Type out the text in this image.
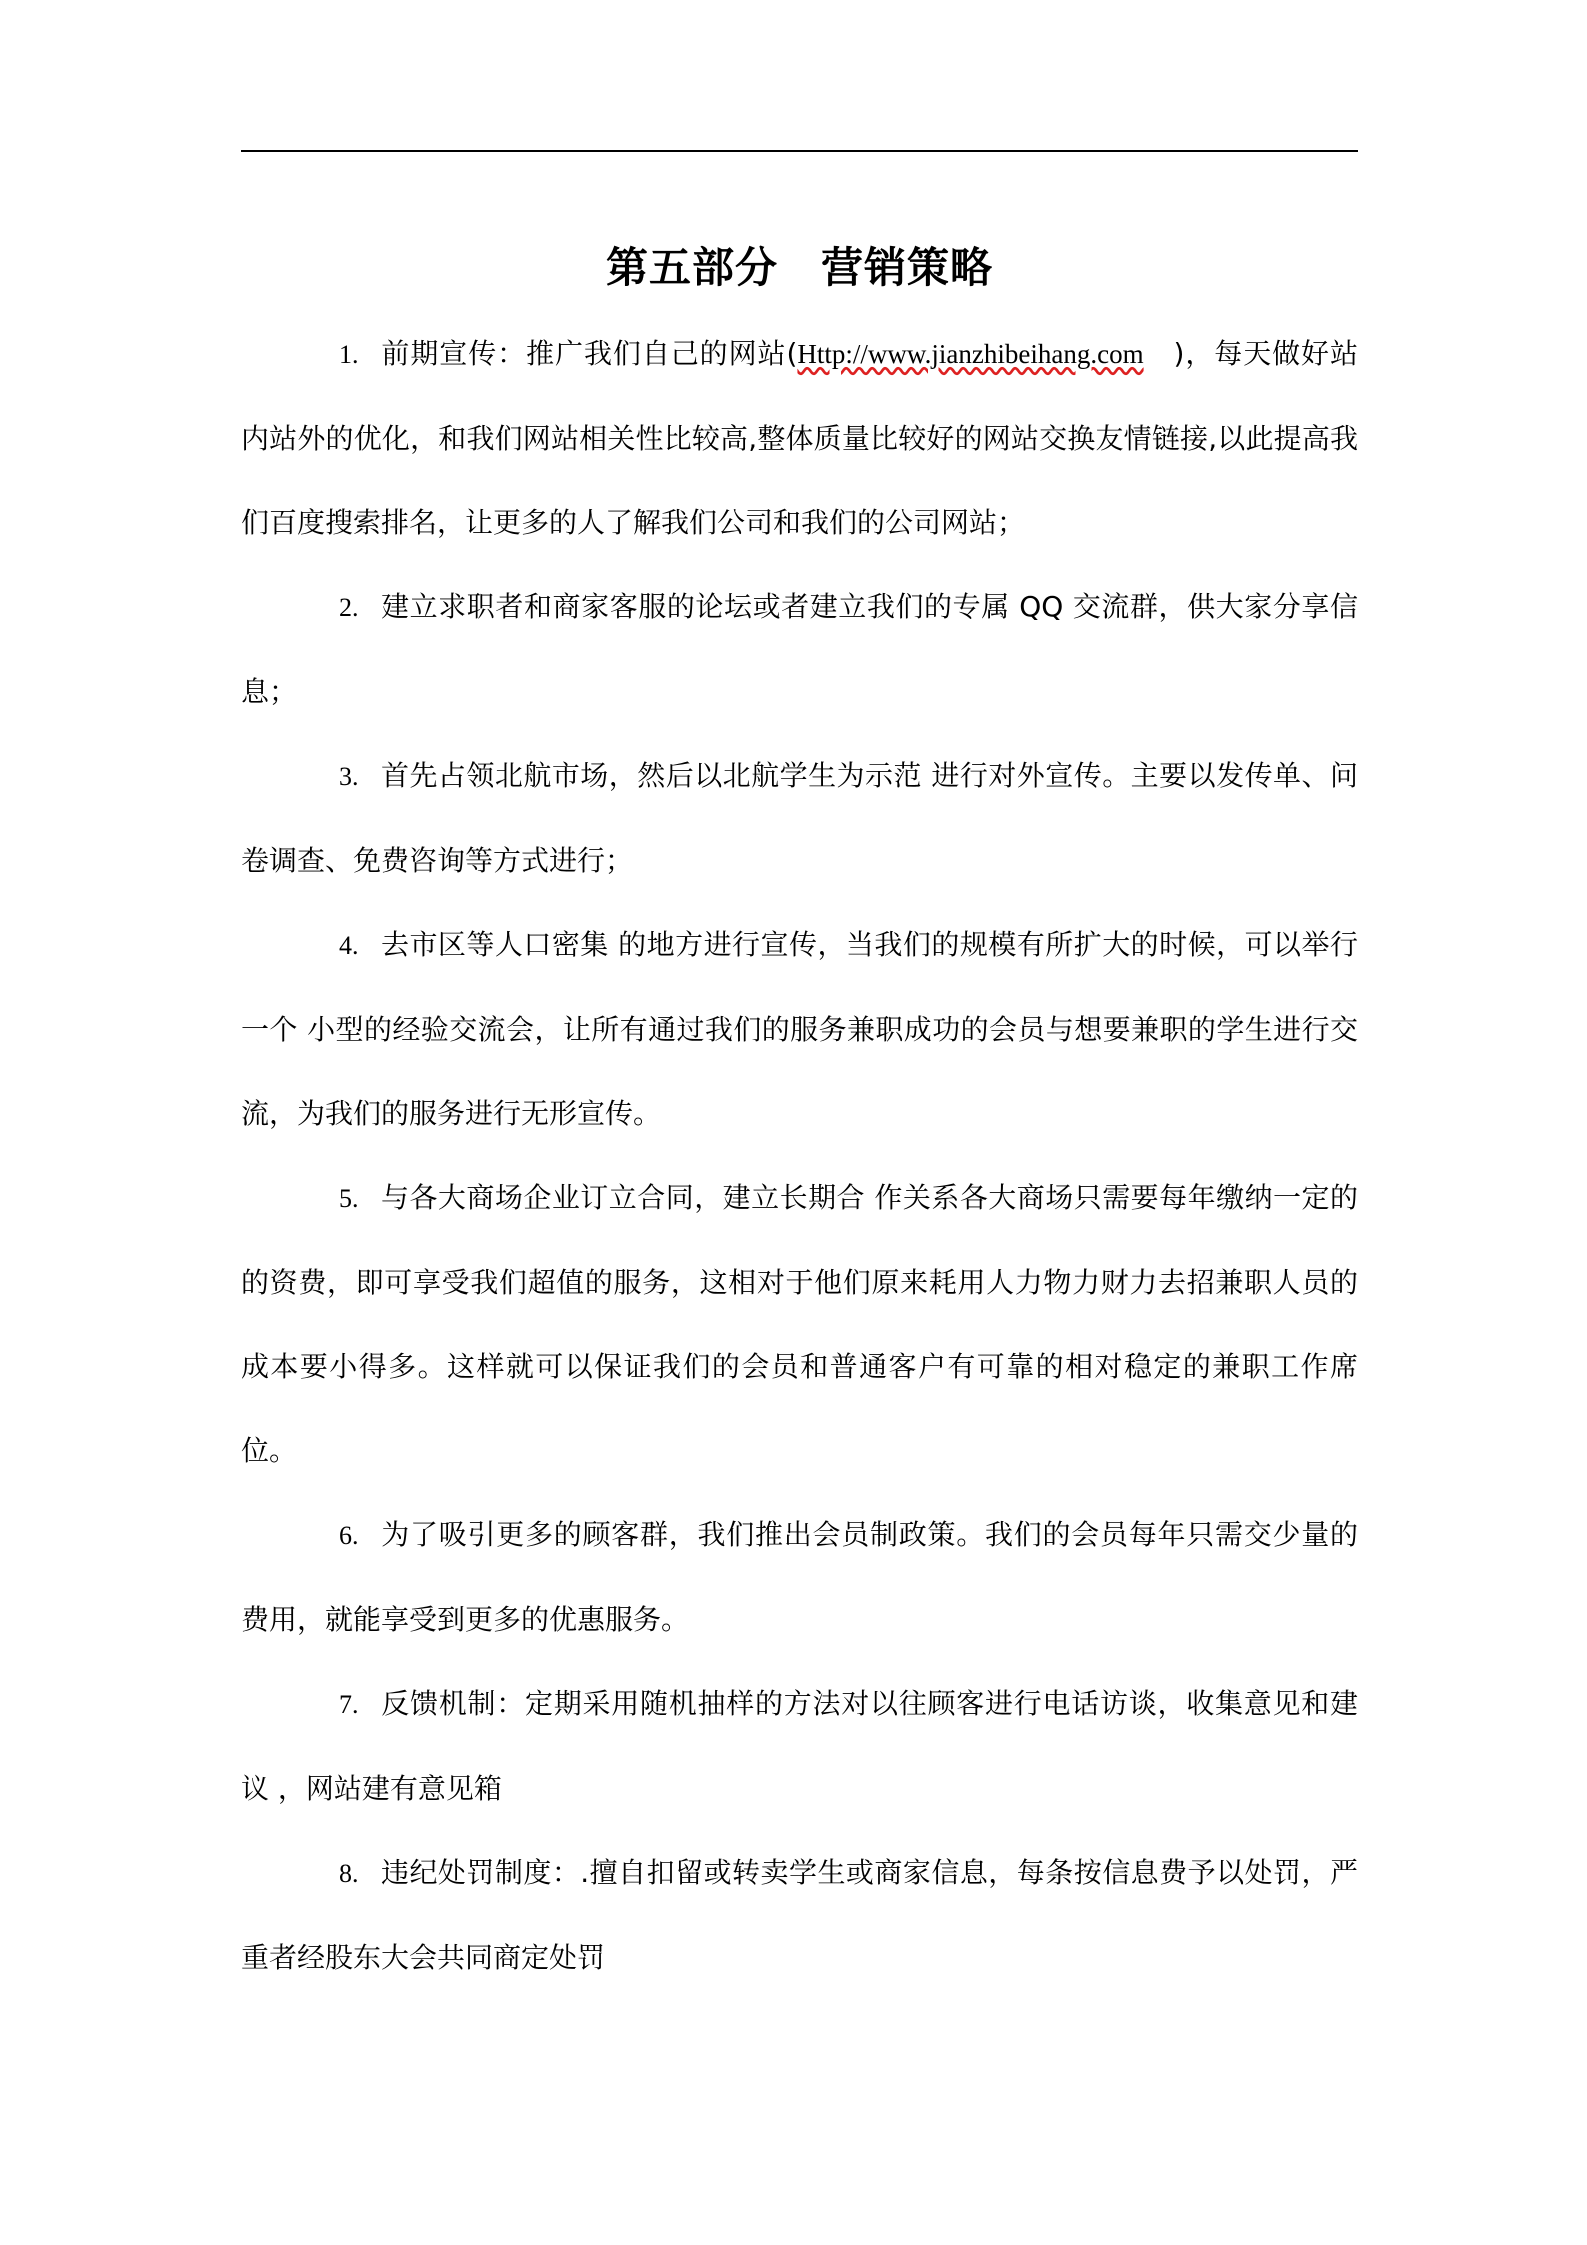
第五部分　营销策略

1. 前期宣传：推广我们自己的网站(Http://www.jianzhibeihang.com　)，每天做好站内站外的优化，和我们网站相关性比较高,整体质量比较好的网站交换友情链接,以此提高我们百度搜索排名，让更多的人了解我们公司和我们的公司网站；

2. 建立求职者和商家客服的论坛或者建立我们的专属 QQ 交流群，供大家分享信息；

3. 首先占领北航市场，然后以北航学生为示范 进行对外宣传。主要以发传单、问卷调查、免费咨询等方式进行；

4. 去市区等人口密集 的地方进行宣传，当我们的规模有所扩大的时候，可以举行一个 小型的经验交流会，让所有通过我们的服务兼职成功的会员与想要兼职的学生进行交流，为我们的服务进行无形宣传。

5. 与各大商场企业订立合同，建立长期合 作关系各大商场只需要每年缴纳一定的的资费，即可享受我们超值的服务，这相对于他们原来耗用人力物力财力去招兼职人员的成本要小得多。这样就可以保证我们的会员和普通客户有可靠的相对稳定的兼职工作席位。

6. 为了吸引更多的顾客群，我们推出会员制政策。我们的会员每年只需交少量的费用，就能享受到更多的优惠服务。

7. 反馈机制：定期采用随机抽样的方法对以往顾客进行电话访谈，收集意见和建议 ，网站建有意见箱

8. 违纪处罚制度：.擅自扣留或转卖学生或商家信息，每条按信息费予以处罚，严重者经股东大会共同商定处罚
